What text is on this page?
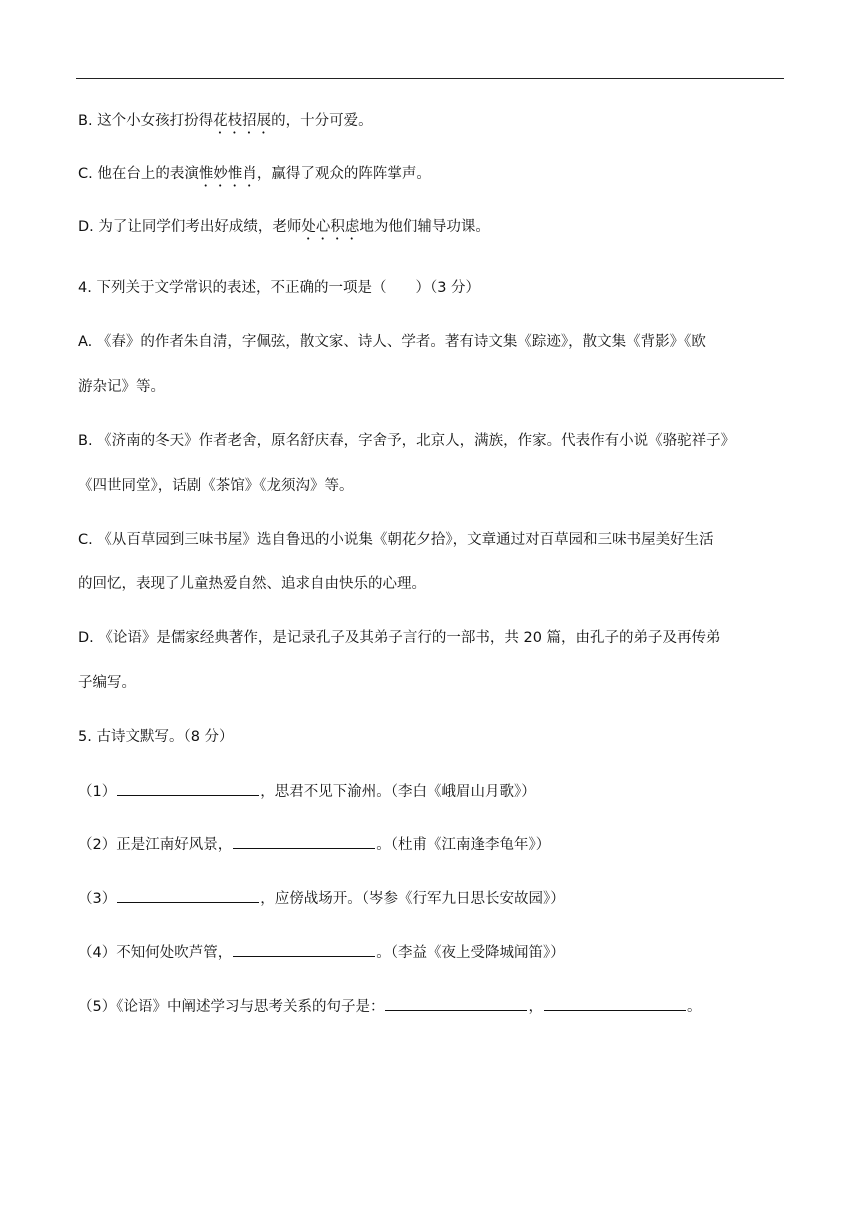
B. 这个小女孩打扮得花枝招展的，十分可爱。
C. 他在台上的表演惟妙惟肖，赢得了观众的阵阵掌声。
D. 为了让同学们考出好成绩，老师处心积虑地为他们辅导功课。
4. 下列关于文学常识的表述，不正确的一项是（　　）（3 分）
A. 《春》的作者朱自清，字佩弦，散文家、诗人、学者。著有诗文集《踪迹》，散文集《背影》《欧
游杂记》等。
B. 《济南的冬天》作者老舍，原名舒庆春，字舍予，北京人，满族，作家。代表作有小说《骆驼祥子》
《四世同堂》，话剧《茶馆》《龙须沟》等。
C. 《从百草园到三味书屋》选自鲁迅的小说集《朝花夕拾》，文章通过对百草园和三味书屋美好生活
的回忆，表现了儿童热爱自然、追求自由快乐的心理。
D. 《论语》是儒家经典著作，是记录孔子及其弟子言行的一部书，共 20 篇，由孔子的弟子及再传弟
子编写。
5. 古诗文默写。（8 分）
（1）	，思君不见下渝州。（李白《峨眉山月歌》）
（2）正是江南好风景，	。（杜甫《江南逢李龟年》）
（3）	，应傍战场开。（岑参《行军九日思长安故园》）
（4）不知何处吹芦管，	。（李益《夜上受降城闻笛》）
（5）《论语》中阐述学习与思考关系的句子是：	，	。
